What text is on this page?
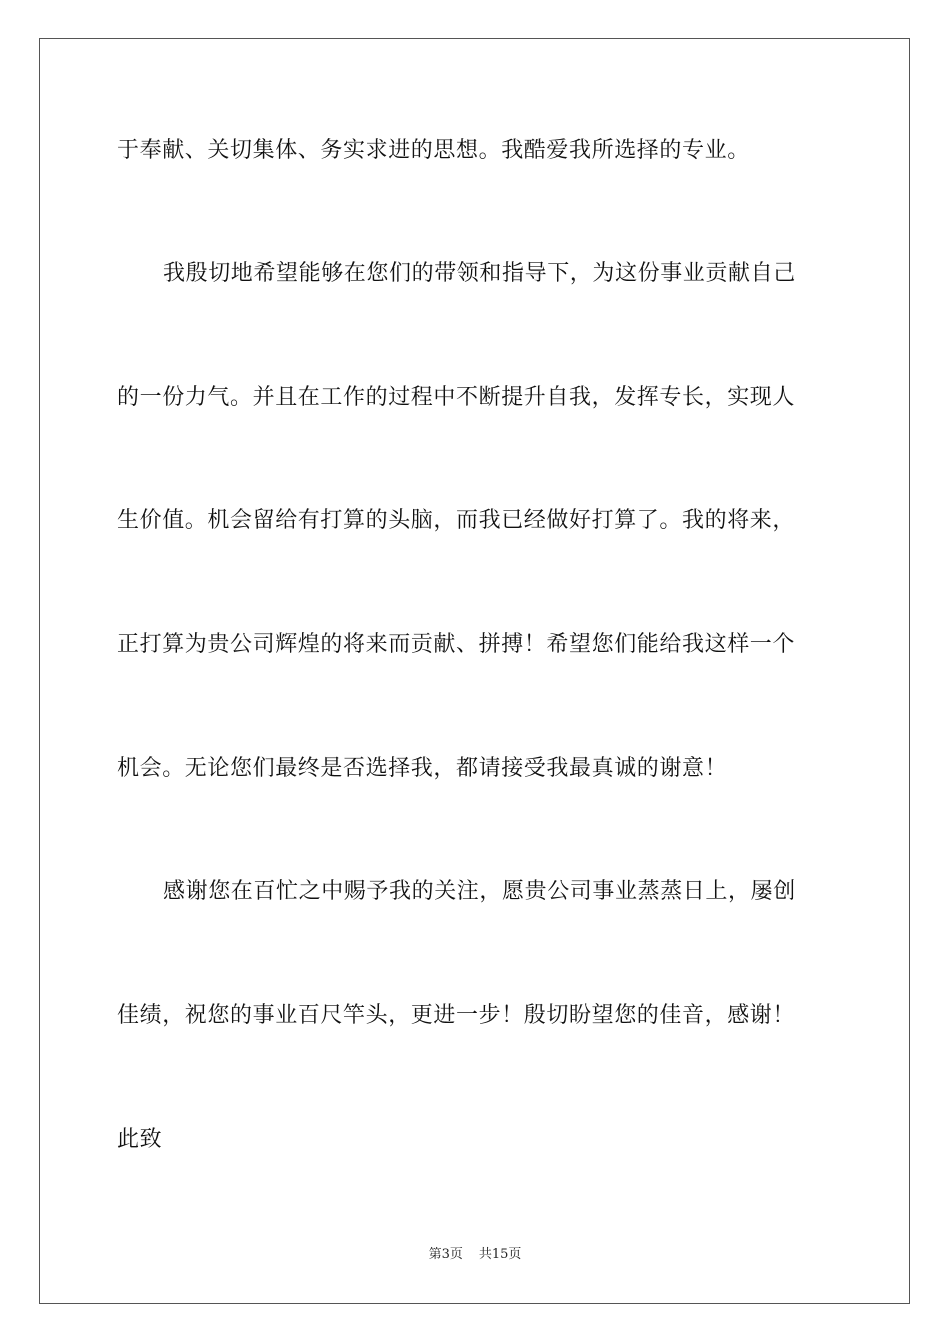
于奉献、关切集体、务实求进的思想。我酷爱我所选择的专业。
我殷切地希望能够在您们的带领和指导下，为这份事业贡献自己
的一份力气。并且在工作的过程中不断提升自我，发挥专长，实现人
生价值。机会留给有打算的头脑，而我已经做好打算了。我的将来，
正打算为贵公司辉煌的将来而贡献、拼搏！希望您们能给我这样一个
机会。无论您们最终是否选择我，都请接受我最真诚的谢意！
感谢您在百忙之中赐予我的关注，愿贵公司事业蒸蒸日上，屡创
佳绩，祝您的事业百尺竿头，更进一步！殷切盼望您的佳音，感谢！
此致
第3页 共15页
